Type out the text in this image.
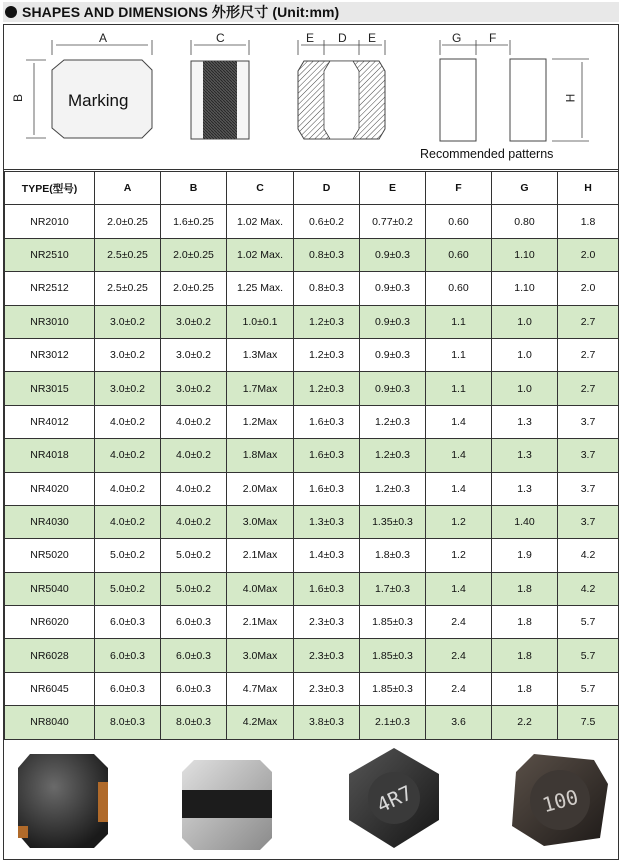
SHAPES AND DIMENSIONS 外形尺寸 (Unit:mm)
A
B
C	E D E	G F
H
Marking
Recommended patterns
TYPE(型号)	A	B	C	D	E	F	G	H
NR2010	2.0±0.25	1.6±0.25	1.02 Max.	0.6±0.2	0.77±0.2	0.60	0.80	1.8
NR2510	2.5±0.25	2.0±0.25	1.02 Max.	0.8±0.3	0.9±0.3	0.60	1.10	2.0
NR2512	2.5±0.25	2.0±0.25	1.25 Max.	0.8±0.3	0.9±0.3	0.60	1.10	2.0
NR3010	3.0±0.2	3.0±0.2	1.0±0.1	1.2±0.3	0.9±0.3	1.1	1.0	2.7
NR3012	3.0±0.2	3.0±0.2	1.3Max	1.2±0.3	0.9±0.3	1.1	1.0	2.7
NR3015	3.0±0.2	3.0±0.2	1.7Max	1.2±0.3	0.9±0.3	1.1	1.0	2.7
NR4012	4.0±0.2	4.0±0.2	1.2Max	1.6±0.3	1.2±0.3	1.4	1.3	3.7
NR4018	4.0±0.2	4.0±0.2	1.8Max	1.6±0.3	1.2±0.3	1.4	1.3	3.7
NR4020	4.0±0.2	4.0±0.2	2.0Max	1.6±0.3	1.2±0.3	1.4	1.3	3.7
NR4030	4.0±0.2	4.0±0.2	3.0Max	1.3±0.3	1.35±0.3	1.2	1.40	3.7
NR5020	5.0±0.2	5.0±0.2	2.1Max	1.4±0.3	1.8±0.3	1.2	1.9	4.2
NR5040	5.0±0.2	5.0±0.2	4.0Max	1.6±0.3	1.7±0.3	1.4	1.8	4.2
NR6020	6.0±0.3	6.0±0.3	2.1Max	2.3±0.3	1.85±0.3	2.4	1.8	5.7
NR6028	6.0±0.3	6.0±0.3	3.0Max	2.3±0.3	1.85±0.3	2.4	1.8	5.7
NR6045	6.0±0.3	6.0±0.3	4.7Max	2.3±0.3	1.85±0.3	2.4	1.8	5.7
NR8040	8.0±0.3	8.0±0.3	4.2Max	3.8±0.3	2.1±0.3	3.6	2.2	7.5
4R7	100
